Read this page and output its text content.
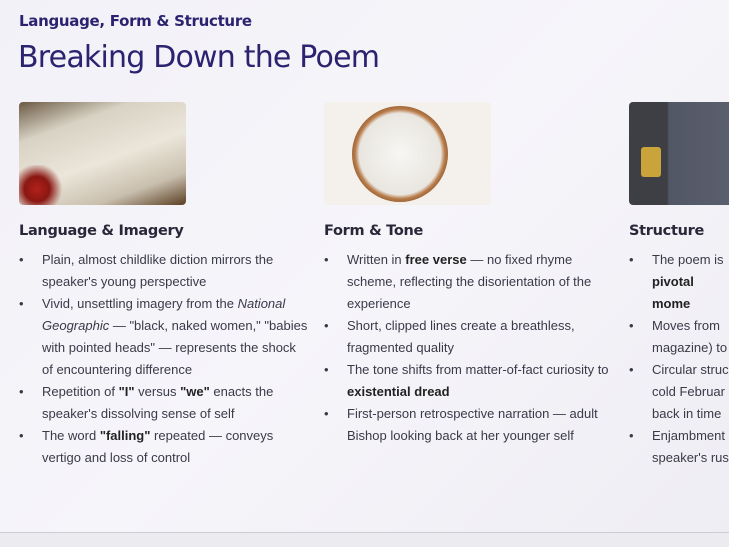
Language, Form & Structure
Breaking Down the Poem
Language & Imagery
• Plain, almost childlike diction mirrors the speaker's young perspective
• Vivid, unsettling imagery from the National Geographic — "black, naked women," "babies with pointed heads" — represents the shock of encountering difference
• Repetition of "I" versus "we" enacts the speaker's dissolving sense of self
• The word "falling" repeated — conveys vertigo and loss of control
Form & Tone
• Written in free verse — no fixed rhyme scheme, reflecting the disorientation of the experience
• Short, clipped lines create a breathless, fragmented quality
• The tone shifts from matter-of-fact curiosity to existential dread
• First-person retrospective narration — adult Bishop looking back at her younger self
Structure
• The poem is pivotal mome
• Moves from magazine) to
• Circular struc cold Februar back in time
• Enjambment speaker's rus
